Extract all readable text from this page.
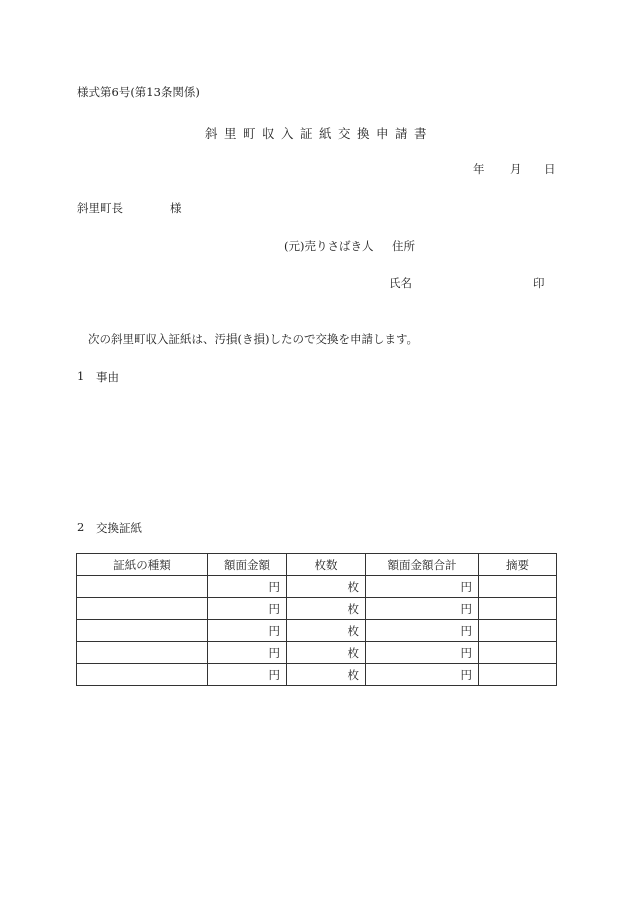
様式第6号(第13条関係)
斜里町収入証紙交換申請書
年 月 日
斜里町長	様
(元)売りさばき人 住所
氏名	印
次の斜里町収入証紙は、汚損(き損)したので交換を申請します。
1 事由
2 交換証紙
証紙の種類	額面金額	枚数	額面金額合計	摘要
	円	枚	円	
	円	枚	円	
	円	枚	円	
	円	枚	円	
	円	枚	円	
